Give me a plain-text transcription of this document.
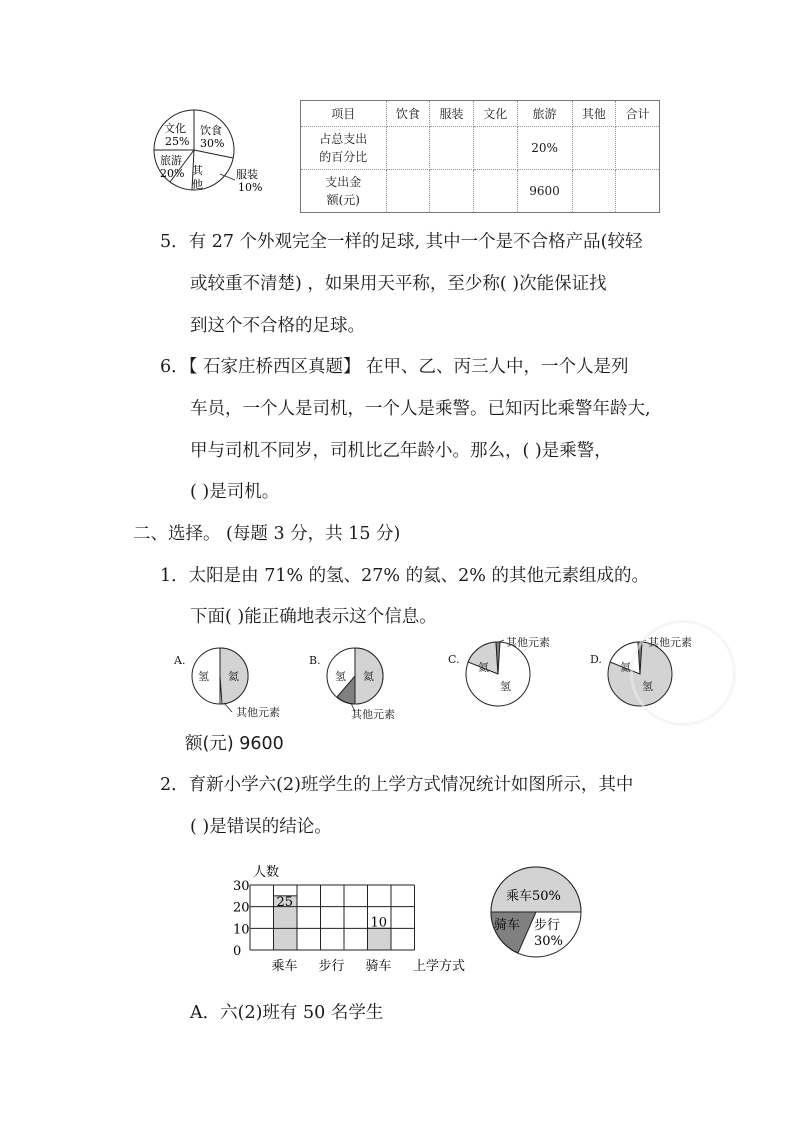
文化
25%
饮食
30%
旅游
20% 其
他
服装
10%
项目	饮食	服装	文化	旅游	其他	合计

占总支出
的百分比				20%		

支出金
额(元)				9600		
5．有 27 个外观完全一样的足球, 其中一个是不合格产品(较轻
或较重不清楚) ，如果用天平称，至少称( )次能保证找
到这个不合格的足球。
6．【 石家庄桥西区真题】 在甲、乙、丙三人中，一个人是列
车员，一个人是司机，一个人是乘警。已知丙比乘警年龄大,
甲与司机不同岁，司机比乙年龄小。那么，( )是乘警，
( )是司机。
二、选择。 (每题 3 分，共 15 分)
1．太阳是由 71% 的氢、27% 的氦、2% 的其他元素组成的。
下面( )能正确地表示这个信息。
A.
氢 氦
其他元素
B.
氢 氦
其他元素
C.
氦
氢
其他元素
D.
氦
氢
其他元素
额(元) 9600
2．育新小学六(2)班学生的上学方式情况统计如图所示，其中
( )是错误的结论。
0
10
20
30
人数
25
乘车 步行
10
骑车 上学方式
乘车50%
骑车 步行
30%
A．六(2)班有 50 名学生
